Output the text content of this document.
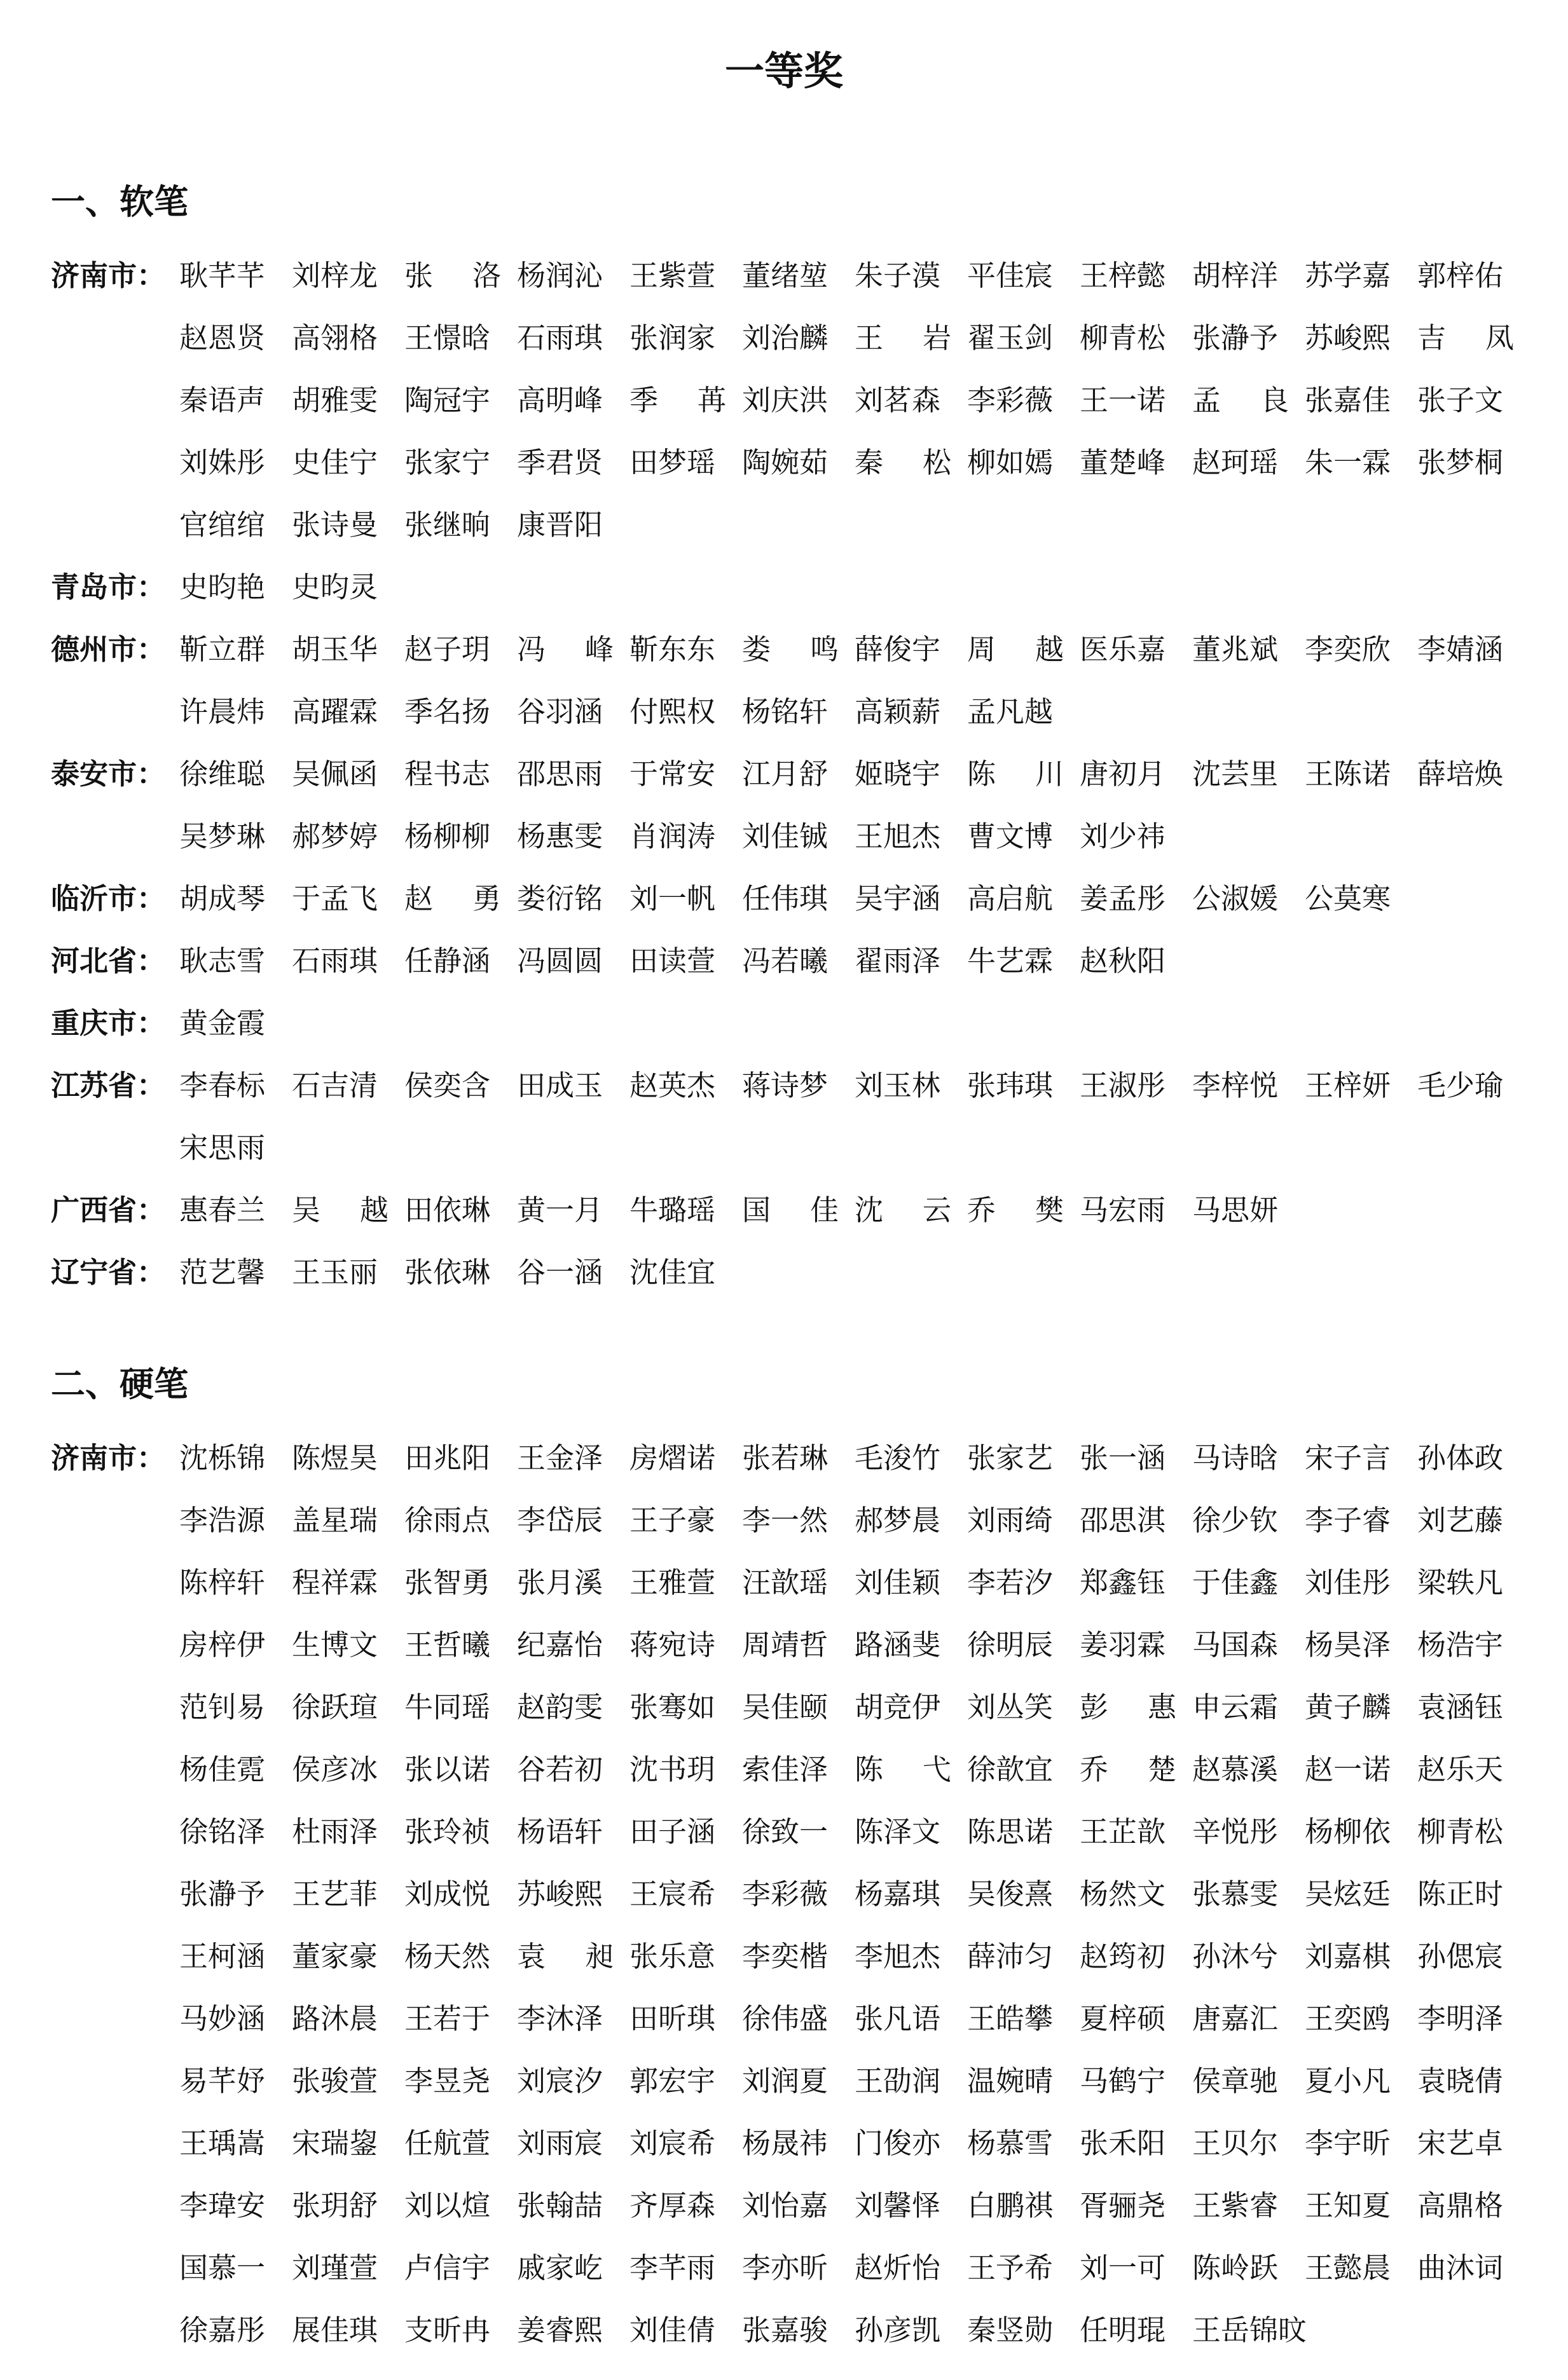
一等奖
一、软笔
济南市： 耿芊芊 刘梓龙 张 洛 杨润沁 王紫萱 董绪堃 朱子漠 平佳宸 王梓懿 胡梓洋 苏学嘉 郭梓佑
赵恩贤 高翎格 王憬晗 石雨琪 张润家 刘治麟 王 岩 翟玉剑 柳青松 张瀞予 苏峻熙 吉 凤
秦语声 胡雅雯 陶冠宇 高明峰 季 苒 刘庆洪 刘茗森 李彩薇 王一诺 孟 良 张嘉佳 张子文
刘姝彤 史佳宁 张家宁 季君贤 田梦瑶 陶婉茹 秦 松 柳如嫣 董楚峰 赵珂瑶 朱一霖 张梦桐
官绾绾 张诗曼 张继晌 康晋阳
青岛市： 史昀艳 史昀灵
德州市： 靳立群 胡玉华 赵子玥 冯 峰 靳东东 娄 鸣 薛俊宇 周 越 医乐嘉 董兆斌 李奕欣 李婧涵
许晨炜 高躍霖 季名扬 谷羽涵 付熙权 杨铭轩 高颖薪 孟凡越
泰安市： 徐维聪 吴佩函 程书志 邵思雨 于常安 江月舒 姬晓宇 陈 川 唐初月 沈芸里 王陈诺 薛培焕
吴梦琳 郝梦婷 杨柳柳 杨惠雯 肖润涛 刘佳铖 王旭杰 曹文博 刘少祎
临沂市： 胡成琴 于孟飞 赵 勇 娄衍铭 刘一帆 任伟琪 吴宇涵 高启航 姜孟彤 公淑媛 公莫寒
河北省： 耿志雪 石雨琪 任静涵 冯圆圆 田读萱 冯若曦 翟雨泽 牛艺霖 赵秋阳
重庆市： 黄金霞
江苏省： 李春标 石吉清 侯奕含 田成玉 赵英杰 蒋诗梦 刘玉林 张玮琪 王淑彤 李梓悦 王梓妍 毛少瑜
宋思雨
广西省： 惠春兰 吴 越 田依琳 黄一月 牛璐瑶 国 佳 沈 云 乔 樊 马宏雨 马思妍
辽宁省： 范艺馨 王玉丽 张依琳 谷一涵 沈佳宜
二、硬笔
济南市： 沈栎锦 陈煜昊 田兆阳 王金泽 房熠诺 张若琳 毛浚竹 张家艺 张一涵 马诗晗 宋子言 孙体政
李浩源 盖星瑞 徐雨点 李岱辰 王子豪 李一然 郝梦晨 刘雨绮 邵思淇 徐少钦 李子睿 刘艺藤
陈梓轩 程祥霖 张智勇 张月溪 王雅萱 汪歆瑶 刘佳颖 李若汐 郑鑫钰 于佳鑫 刘佳彤 梁轶凡
房梓伊 生博文 王哲曦 纪嘉怡 蒋宛诗 周靖哲 路涵斐 徐明辰 姜羽霖 马国森 杨昊泽 杨浩宇
范钊易 徐跃瑄 牛同瑶 赵韵雯 张骞如 吴佳颐 胡竞伊 刘丛笑 彭 惠 申云霜 黄子麟 袁涵钰
杨佳霓 侯彦冰 张以诺 谷若初 沈书玥 索佳泽 陈 弋 徐歆宜 乔 楚 赵慕溪 赵一诺 赵乐天
徐铭泽 杜雨泽 张玲祯 杨语轩 田子涵 徐致一 陈泽文 陈思诺 王芷歆 辛悦彤 杨柳依 柳青松
张瀞予 王艺菲 刘成悦 苏峻熙 王宸希 李彩薇 杨嘉琪 吴俊熹 杨然文 张慕雯 吴炫廷 陈正时
王柯涵 董家豪 杨天然 袁 昶 张乐意 李奕楷 李旭杰 薛沛匀 赵筠初 孙沐兮 刘嘉棋 孙偲宸
马妙涵 路沐晨 王若于 李沐泽 田昕琪 徐伟盛 张凡语 王皓攀 夏梓硕 唐嘉汇 王奕鸥 李明泽
易芊妤 张骏萱 李昱尧 刘宸汐 郭宏宇 刘润夏 王劭润 温婉晴 马鹤宁 侯章驰 夏小凡 袁晓倩
王瑀嵩 宋瑞鋆 任航萱 刘雨宸 刘宸希 杨晟祎 门俊亦 杨慕雪 张禾阳 王贝尔 李宇昕 宋艺卓
李瑋安 张玥舒 刘以煊 张翰喆 齐厚森 刘怡嘉 刘馨怿 白鹏祺 胥骊尧 王紫睿 王知夏 高鼎格
国慕一 刘瑾萱 卢信宇 戚家屹 李芊雨 李亦昕 赵炘怡 王予希 刘一可 陈岭跃 王懿晨 曲沐词
徐嘉彤 展佳琪 支昕冉 姜睿熙 刘佳倩 张嘉骏 孙彦凯 秦竖勋 任明琨 王岳锦旼
